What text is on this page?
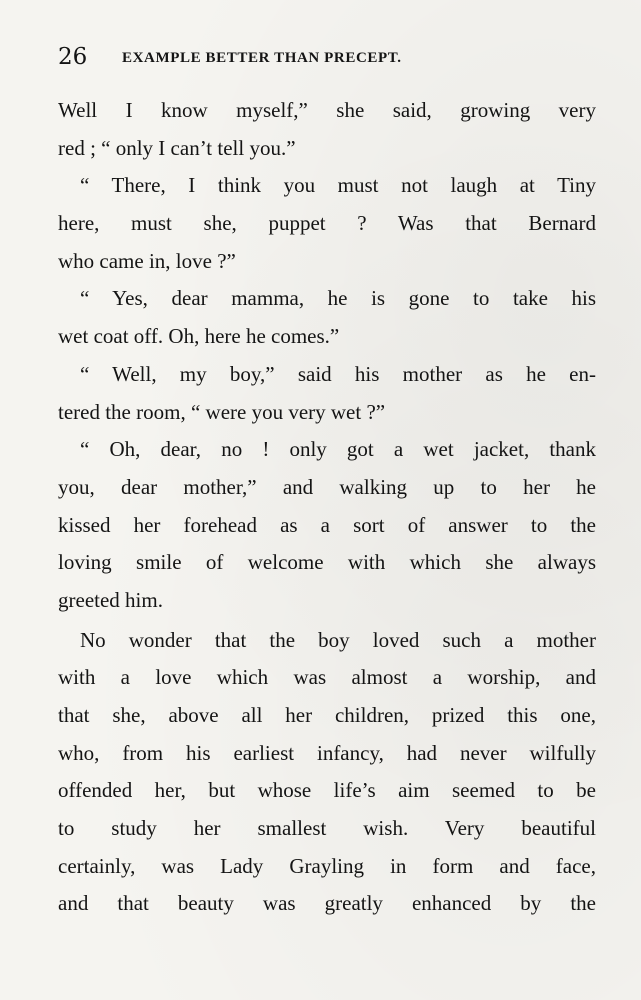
26 EXAMPLE BETTER THAN PRECEPT.
Well I know myself,” she said, growing very
red ; “ only I can’t tell you.”
“ There, I think you must not laugh at Tiny
here, must she, puppet ? Was that Bernard
who came in, love ?”
“ Yes, dear mamma, he is gone to take his
wet coat off. Oh, here he comes.”
“ Well, my boy,” said his mother as he en-
tered the room, “ were you very wet ?”
“ Oh, dear, no ! only got a wet jacket, thank
you, dear mother,” and walking up to her he
kissed her forehead as a sort of answer to the
loving smile of welcome with which she always
greeted him.
No wonder that the boy loved such a mother
with a love which was almost a worship, and
that she, above all her children, prized this one,
who, from his earliest infancy, had never wilfully
offended her, but whose life’s aim seemed to be
to study her smallest wish. Very beautiful
certainly, was Lady Grayling in form and face,
and that beauty was greatly enhanced by the
